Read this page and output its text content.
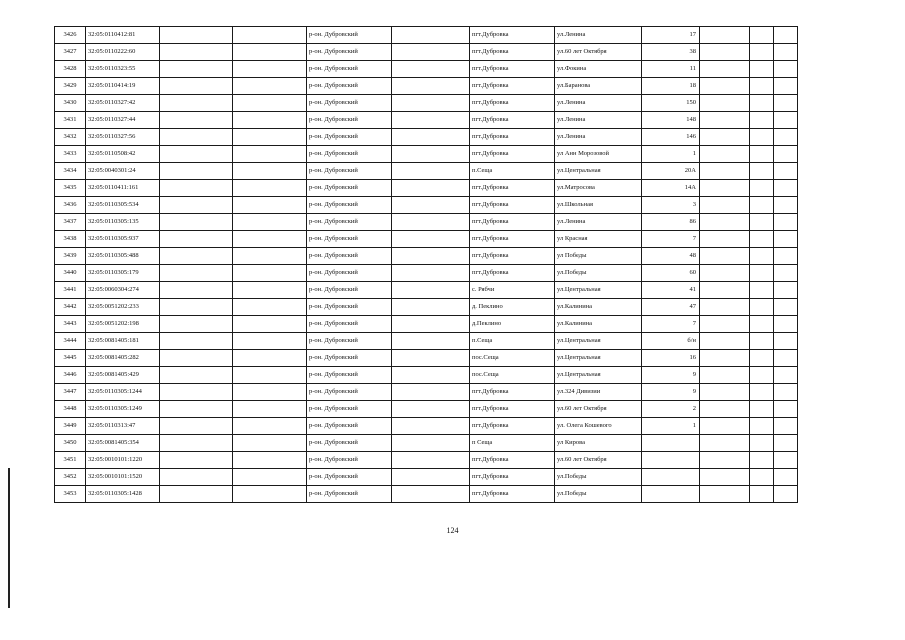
3426	32:05:0110412:81			р-он. Дубровский		пгт.Дубровка	ул.Ленина	17			
3427	32:05:0110222:60			р-он. Дубровский		пгт.Дубровка	ул.60 лет Октября	38			
3428	32:05:0110323:55			р-он. Дубровский		пгт.Дубровка	ул.Фокина	11			
3429	32:05:0110414:19			р-он. Дубровский		пгт.Дубровка	ул.Баранова	18			
3430	32:05:0110327:42			р-он. Дубровский		пгт.Дубровка	ул.Ленина	150			
3431	32:05:0110327:44			р-он. Дубровский		пгт.Дубровка	ул.Ленина	148			
3432	32:05:0110327:56			р-он. Дубровский		пгт.Дубровка	ул.Ленина	146			
3433	32:05:0110508:42			р-он. Дубровский		пгт.Дубровка	ул Анн Морозовой	1			
3434	32:05:0040301:24			р-он. Дубровский		п.Сеща	ул.Центральная	20А			
3435	32:05:0110411:161			р-он. Дубровский		пгт.Дубровка	ул.Матросова	14А			
3436	32:05:0110305:534			р-он. Дубровский		пгт.Дубровка	ул.Школьная	3			
3437	32:05:0110305:135			р-он. Дубровский		пгт.Дубровка	ул.Ленина	86			
3438	32:05:0110305:937			р-он. Дубровский		пгт.Дубровка	ул Красная	7			
3439	32:05:0110305:488			р-он. Дубровский		пгт.Дубровка	ул Победы	48			
3440	32:05:0110305:179			р-он. Дубровский		пгт.Дубровка	ул.Победы	60			
3441	32:05:0060304:274			р-он. Дубровский		с. Рябчи	ул.Центральная	41			
3442	32:05:0051202:233			р-он. Дубровский		д. Пеклино	ул.Калинина	47			
3443	32:05:0051202:198			р-он. Дубровский		д.Пеклино	ул.Калинина	7			
3444	32:05:0081405:181			р-он. Дубровский		п.Сеща	ул.Центральная	б/н			
3445	32:05:0081405:282			р-он. Дубровский		пос.Сеща	ул.Центральная	16			
3446	32:05:0081405:429			р-он. Дубровский		пос.Сеща	ул.Центральная	9			
3447	32:05:0110305:1244			р-он. Дубровский		пгт.Дубровка	ул.324 Дивизии	9			
3448	32:05:0110305:1249			р-он. Дубровский		пгт.Дубровка	ул.60 лет Октября	2			
3449	32:05:0110313:47			р-он. Дубровский		пгт.Дубровка	ул. Олега Кошевого	1			
3450	32:05:0081405:354			р-он. Дубровский		п Сеща	ул Кирова				
3451	32:05:0010101:1220			р-он. Дубровский		пгт.Дубровка	ул.60 лет Октября				
3452	32:05:0010101:1520			р-он. Дубровский		пгт.Дубровка	ул.Победы				
3453	32:05:0110305:1428			р-он. Дубровский		пгт.Дубровка	ул.Победы				
124
